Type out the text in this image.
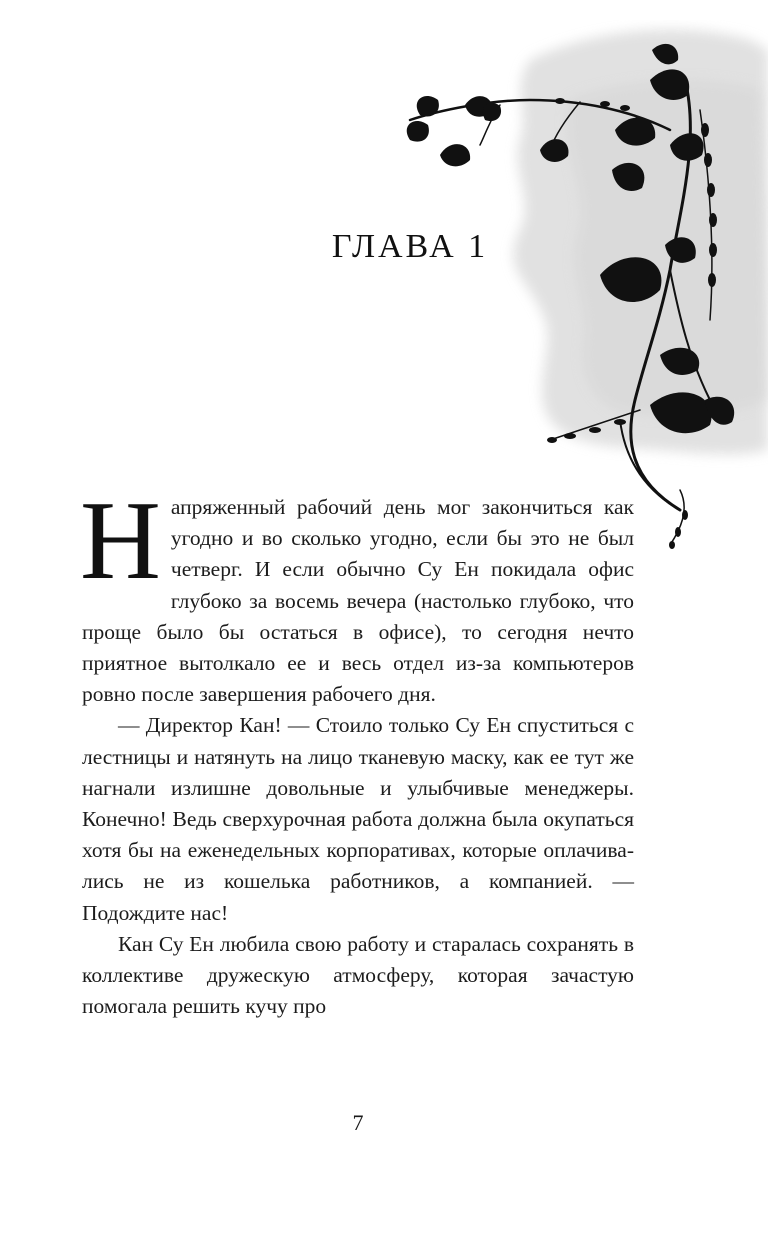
ГЛАВА 1

Напряженный рабочий день мог закончиться как угодно и во сколько угодно, если бы это не был четверг. И если обычно Су Ен покидала офис глубоко за восемь вечера (настолько глубоко, что проще было бы остаться в офисе), то сегодня нечто приятное вытолкало ее и весь отдел из-за компьютеров ровно после завершения рабочего дня.

— Директор Кан! — Стоило только Су Ен спуститься с лестницы и натянуть на лицо тканевую маску, как ее тут же нагнали излишне довольные и улыбчивые менеджеры. Конечно! Ведь сверхурочная работа должна была окупаться хотя бы на еженедельных корпоративах, которые оплачивались не из кошелька работников, а компанией. — Подождите нас!

Кан Су Ен любила свою работу и старалась сохранять в коллективе дружескую атмосферу, которая зачастую помогала решить кучу про

7
